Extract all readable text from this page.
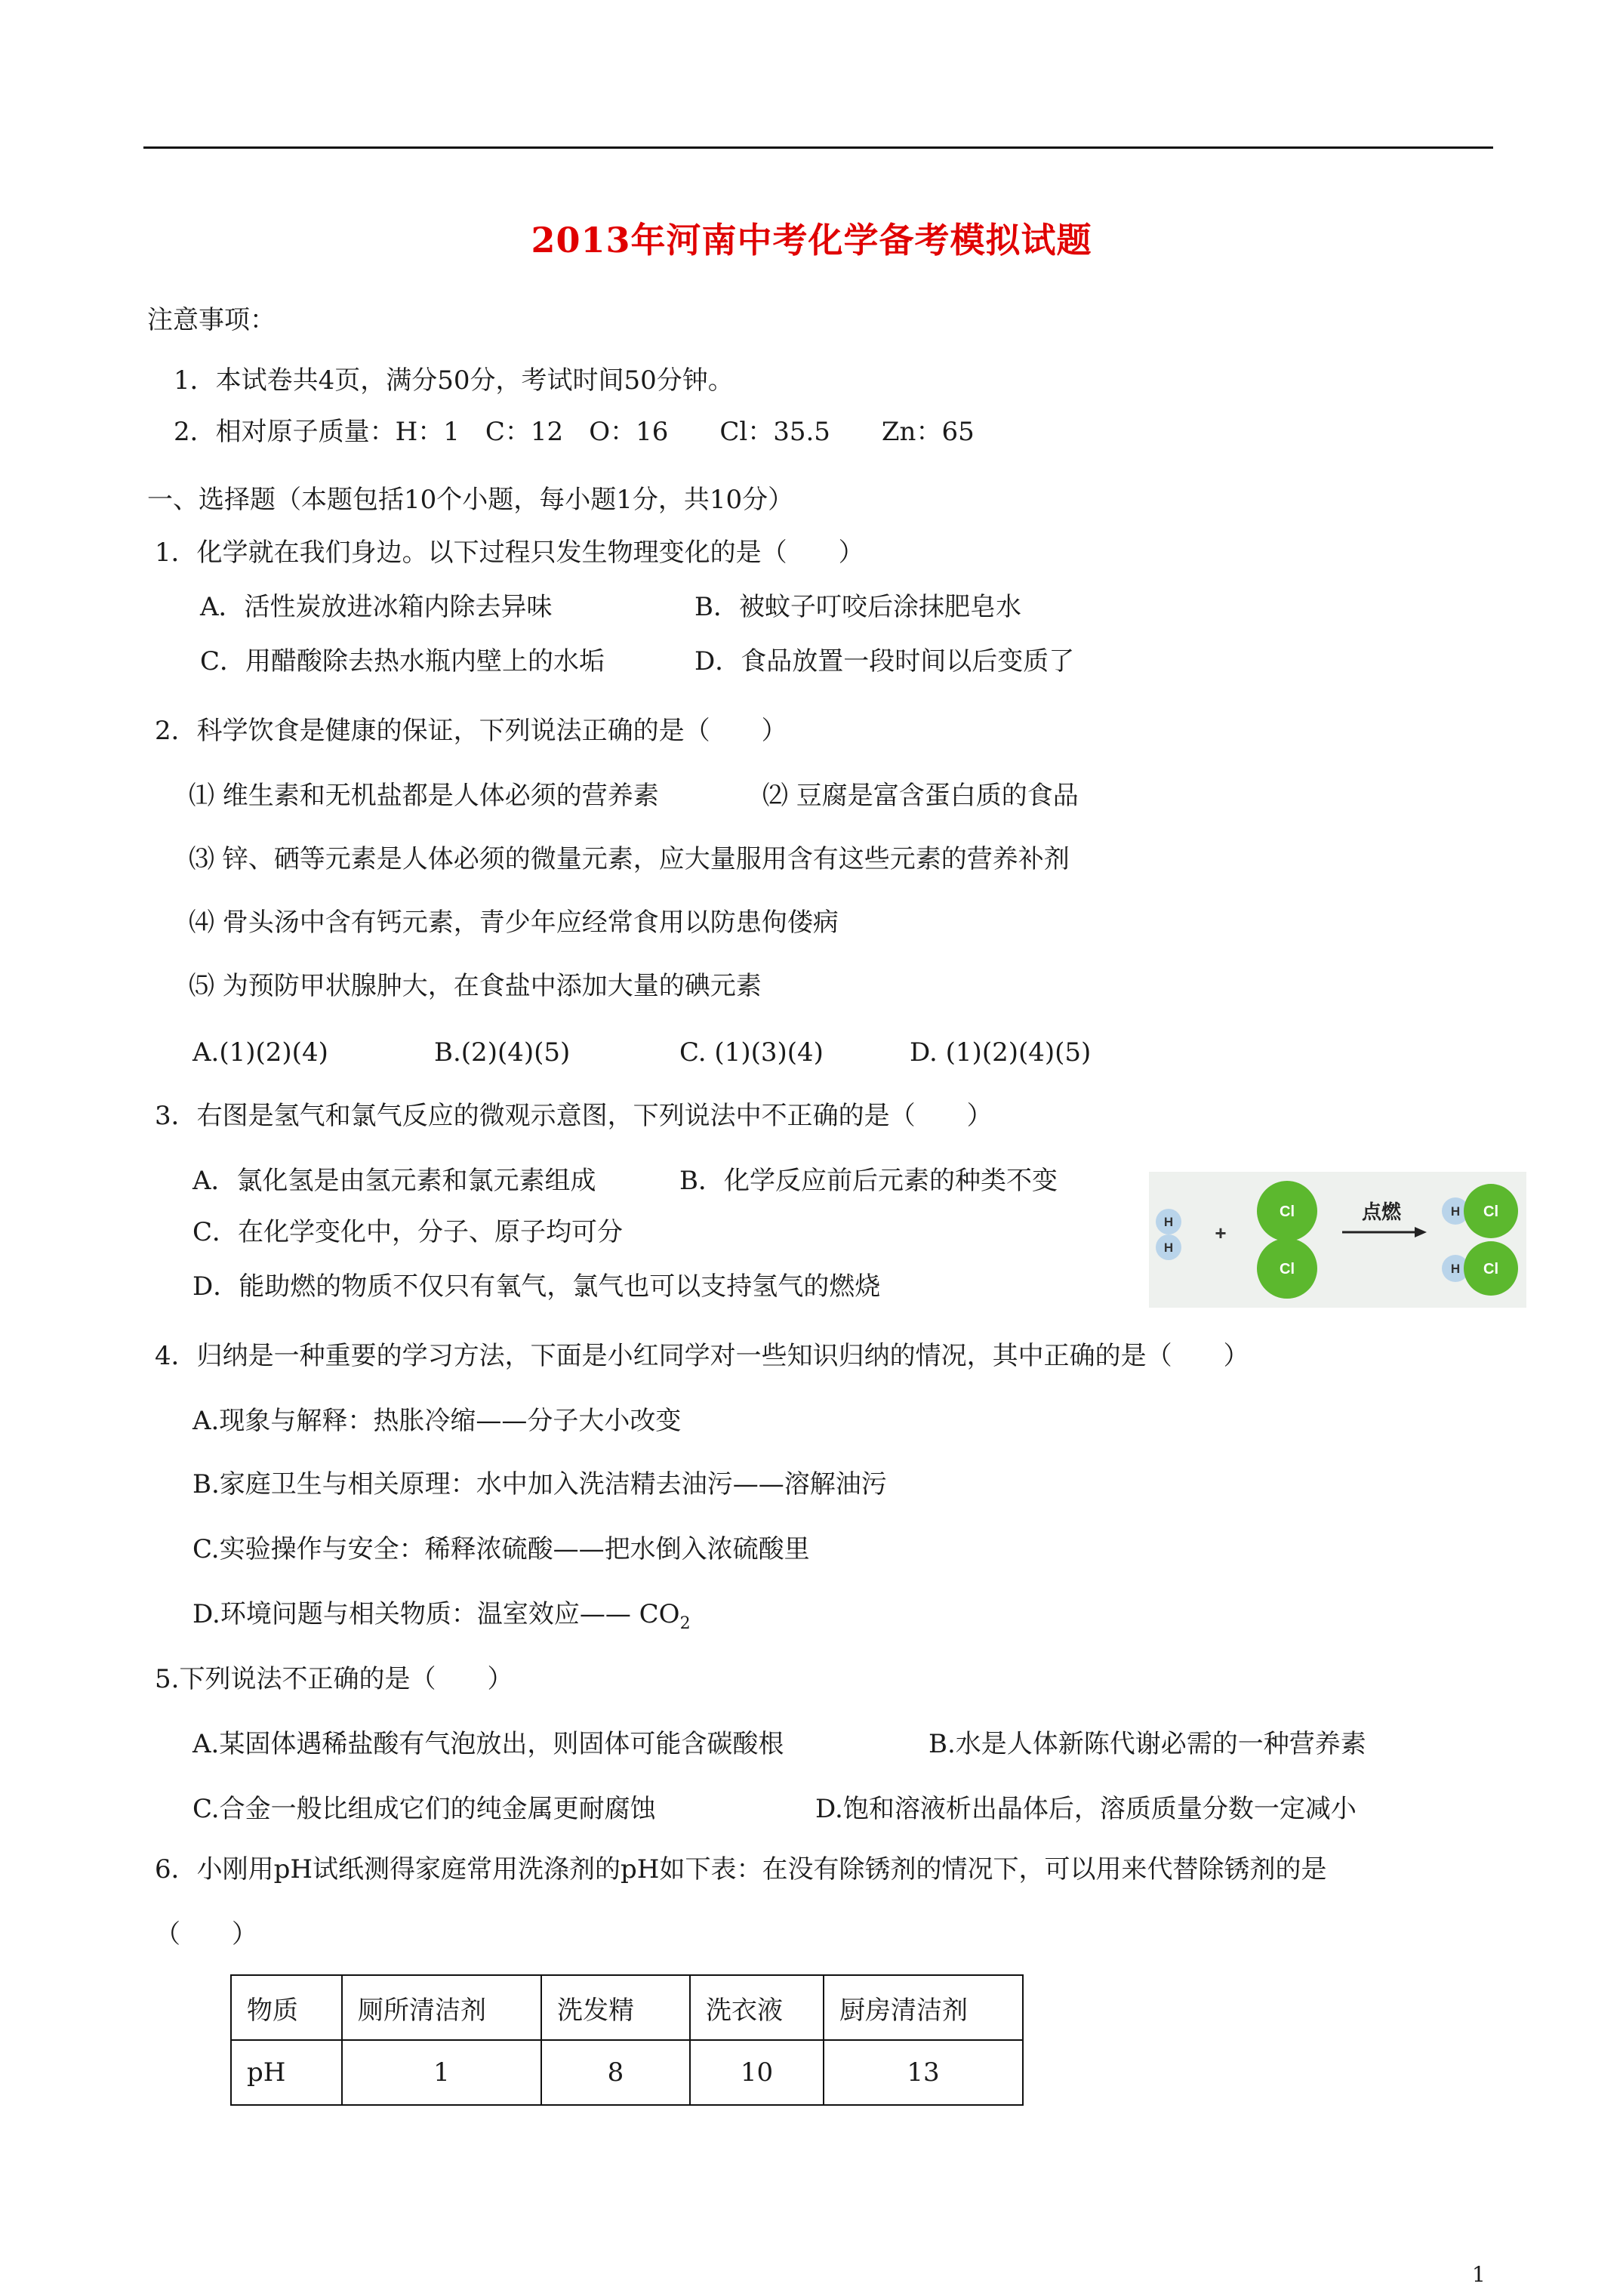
2013年河南中考化学备考模拟试题
注意事项：
1．本试卷共4页，满分50分，考试时间50分钟。
2．相对原子质量：H：1　C：12　O：16　　Cl：35.5　　Zn：65
一、选择题（本题包括10个小题，每小题1分，共10分）
1．化学就在我们身边。以下过程只发生物理变化的是（　　）
A．活性炭放进冰箱内除去异味	B．被蚊子叮咬后涂抹肥皂水
C．用醋酸除去热水瓶内壁上的水垢	D．食品放置一段时间以后变质了
2．科学饮食是健康的保证，下列说法正确的是（　　）
⑴ 维生素和无机盐都是人体必须的营养素	⑵ 豆腐是富含蛋白质的食品
⑶ 锌、硒等元素是人体必须的微量元素，应大量服用含有这些元素的营养补剂
⑷ 骨头汤中含有钙元素，青少年应经常食用以防患佝偻病
⑸ 为预防甲状腺肿大，在食盐中添加大量的碘元素
A.(1)(2)(4)	B.(2)(4)(5)	C. (1)(3)(4)	D. (1)(2)(4)(5)
3．右图是氢气和氯气反应的微观示意图，下列说法中不正确的是（　　）
A．氯化氢是由氢元素和氯元素组成	B．化学反应前后元素的种类不变
C．在化学变化中，分子、原子均可分
D．能助燃的物质不仅只有氧气，氯气也可以支持氢气的燃烧
H
H
+
Cl
Cl
点燃	H Cl
H Cl
4．归纳是一种重要的学习方法，下面是小红同学对一些知识归纳的情况，其中正确的是（　　）
A.现象与解释：热胀冷缩——分子大小改变
B.家庭卫生与相关原理：水中加入洗洁精去油污——溶解油污
C.实验操作与安全：稀释浓硫酸——把水倒入浓硫酸里
D.环境问题与相关物质：温室效应—— $CO_2$
5.下列说法不正确的是（　　）
A.某固体遇稀盐酸有气泡放出，则固体可能含碳酸根	B.水是人体新陈代谢必需的一种营养素
C.合金一般比组成它们的纯金属更耐腐蚀	D.饱和溶液析出晶体后，溶质质量分数一定减小
6．小刚用pH试纸测得家庭常用洗涤剂的pH如下表：在没有除锈剂的情况下，可以用来代替除锈剂的是
（　　）
物质	厕所清洁剂	洗发精	洗衣液	厨房清洁剂
pH	1	8	10	13
1
